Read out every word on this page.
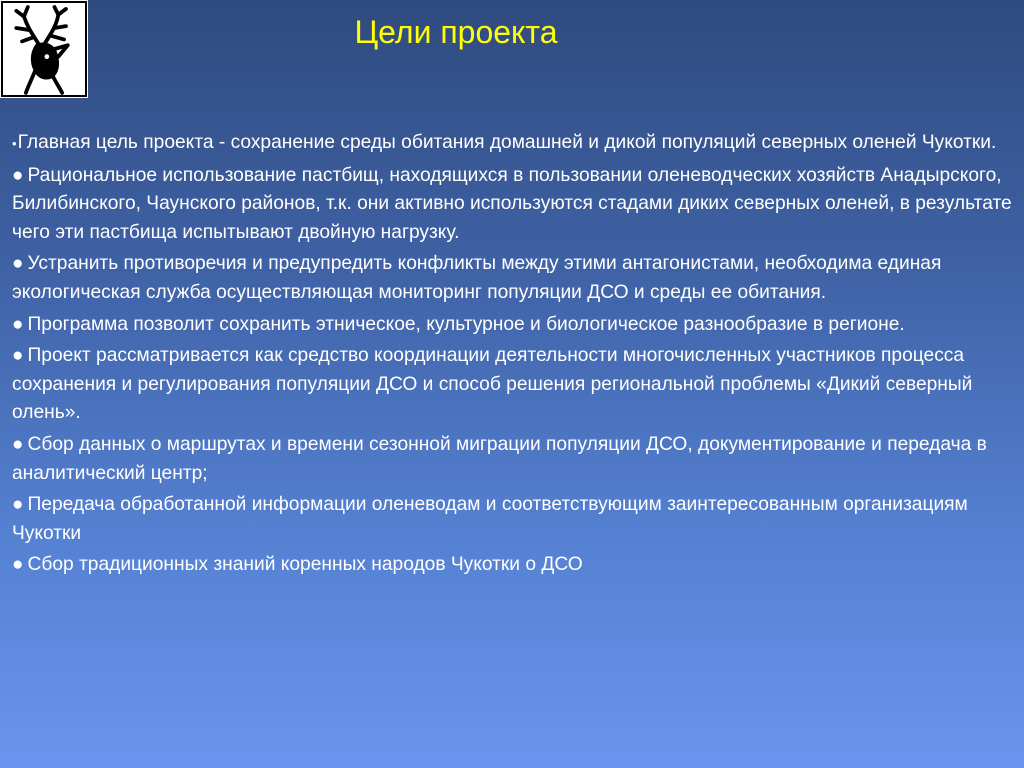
Цели проекта
•Главная цель проекта - сохранение среды обитания домашней и дикой популяций северных оленей Чукотки.
● Рациональное использование пастбищ, находящихся в пользовании оленеводческих хозяйств Анадырского, Билибинского, Чаунского районов, т.к. они активно используются стадами диких северных оленей, в результате чего эти пастбища испытывают двойную нагрузку.
● Устранить противоречия и предупредить конфликты между этими антагонистами, необходима единая экологическая служба осуществляющая мониторинг популяции ДСО и среды ее обитания.
● Программа позволит сохранить этническое, культурное и биологическое разнообразие в регионе.
● Проект рассматривается как средство координации деятельности многочисленных участников процесса сохранения и регулирования популяции ДСО и способ решения региональной проблемы «Дикий северный олень».
● Сбор данных о маршрутах и времени сезонной миграции популяции ДСО, документирование и передача в аналитический центр;
● Передача обработанной информации оленеводам и соответствующим заинтересованным организациям Чукотки
● Сбор традиционных знаний коренных народов Чукотки о ДСО
